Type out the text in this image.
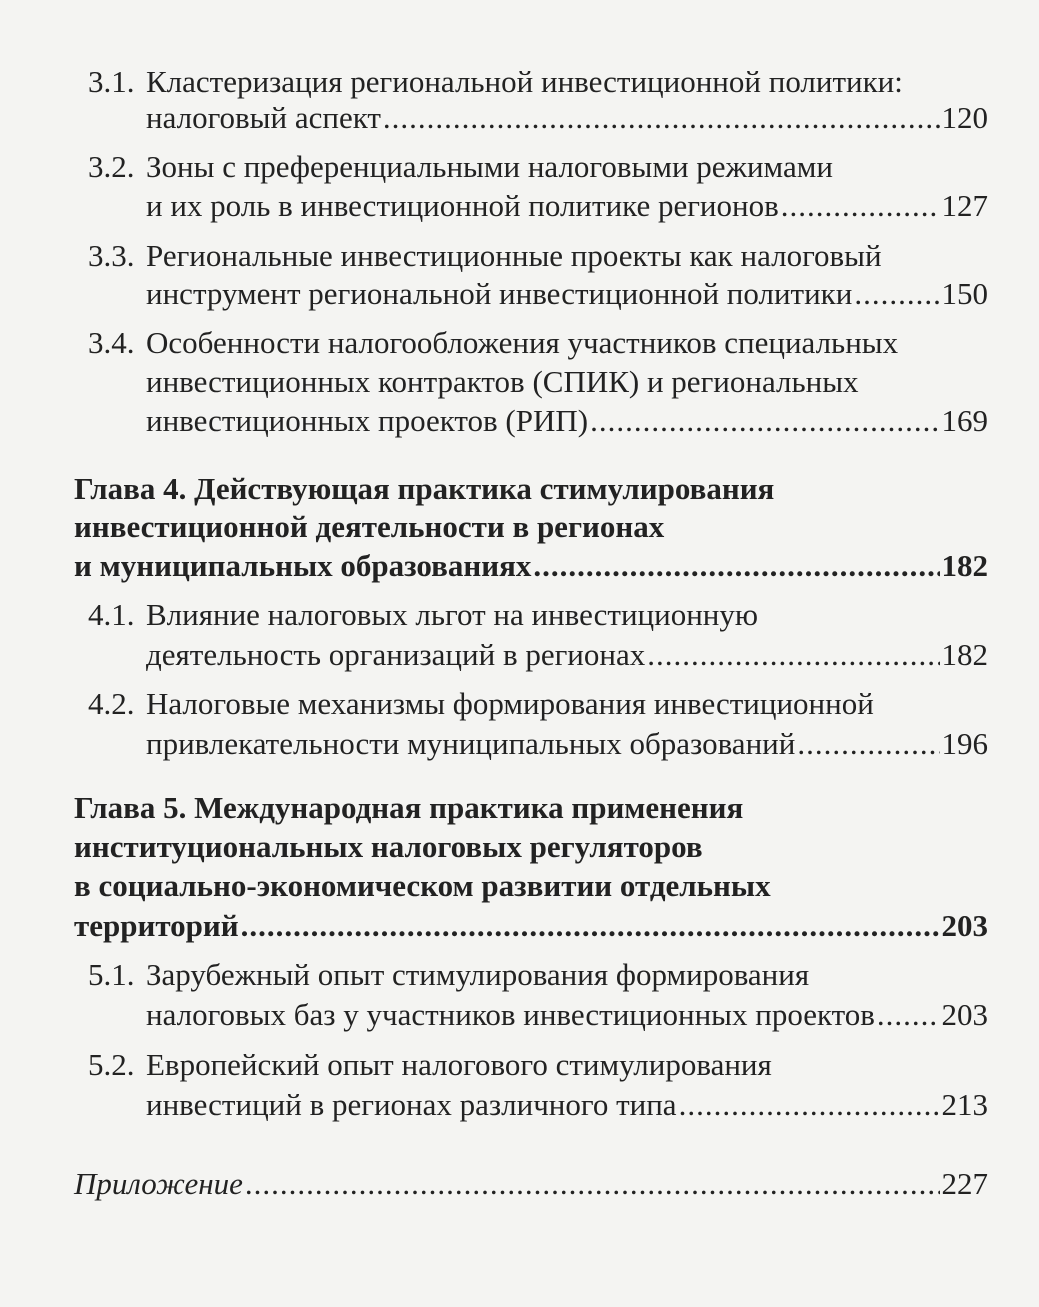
3.1. Кластеризация региональной инвестиционной политики:
налоговый аспект .....	120
3.2. Зоны с преференциальными налоговыми режимами
и их роль в инвестиционной политике регионов .....	127
3.3. Региональные инвестиционные проекты как налоговый
инструмент региональной инвестиционной политики .....	150
3.4. Особенности налогообложения участников специальных
инвестиционных контрактов (СПИК) и региональных
инвестиционных проектов (РИП) .....	169
Глава 4. Действующая практика стимулирования
инвестиционной деятельности в регионах
и муниципальных образованиях .....	182
4.1. Влияние налоговых льгот на инвестиционную
деятельность организаций в регионах .....	182
4.2. Налоговые механизмы формирования инвестиционной
привлекательности муниципальных образований .....	196
Глава 5. Международная практика применения
институциональных налоговых регуляторов
в социально-экономическом развитии отдельных
территорий .....	203
5.1. Зарубежный опыт стимулирования формирования
налоговых баз у участников инвестиционных проектов ..... 203
5.2. Европейский опыт налогового стимулирования
инвестиций в регионах различного типа .....	213
Приложение .....	227
